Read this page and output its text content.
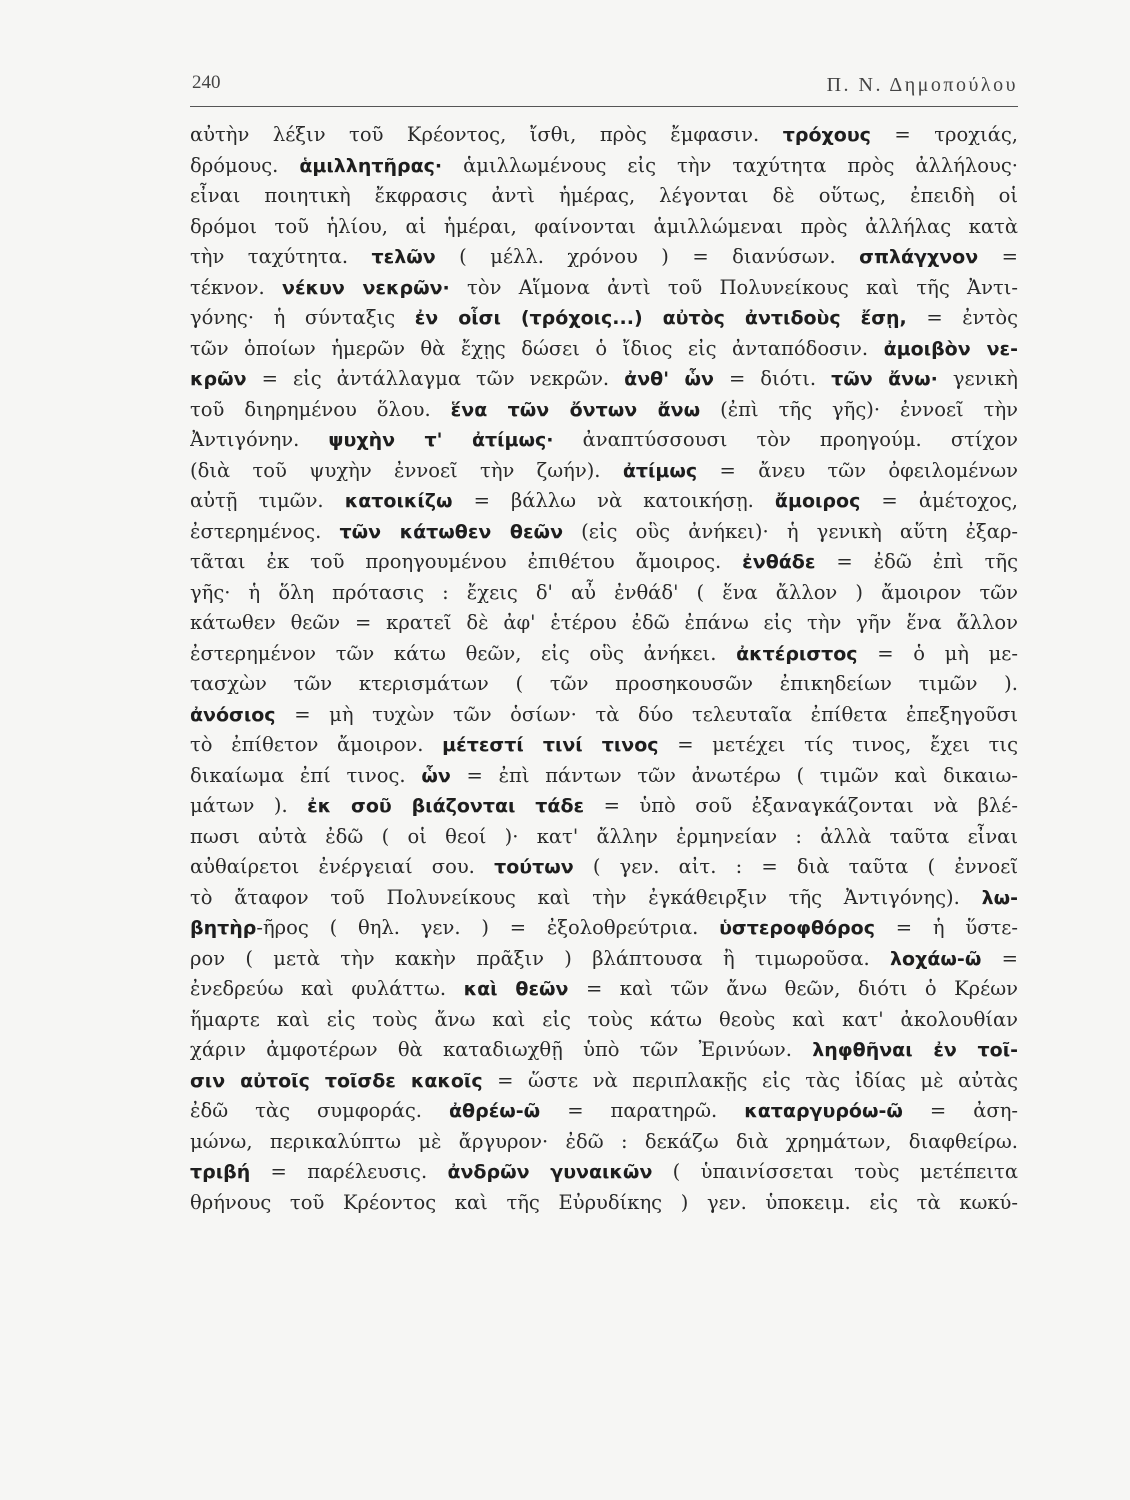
240	Π. Ν. Δημοπούλου
αὐτὴν λέξιν τοῦ Κρέοντος, ἴσθι, πρὸς ἔμφασιν. τρόχους = τροχιάς,
δρόμους. ἁμιλλητῆρας· ἁμιλλωμένους εἰς τὴν ταχύτητα πρὸς ἀλλήλους·
εἶναι ποιητικὴ ἔκφρασις ἀντὶ ἡμέρας, λέγονται δὲ οὕτως, ἐπειδὴ οἱ
δρόμοι τοῦ ἡλίου, αἱ ἡμέραι, φαίνονται ἁμιλλώμεναι πρὸς ἀλλήλας κατὰ
τὴν ταχύτητα. τελῶν ( μέλλ. χρόνου ) = διανύσων. σπλάγχνον =
τέκνον. νέκυν νεκρῶν· τὸν Αἵμονα ἀντὶ τοῦ Πολυνείκους καὶ τῆς Ἀντι-
γόνης· ἡ σύνταξις ἐν οἷσι (τρόχοις...) αὐτὸς ἀντιδοὺς ἔσῃ, = ἐντὸς
τῶν ὁποίων ἡμερῶν θὰ ἔχῃς δώσει ὁ ἴδιος εἰς ἀνταπόδοσιν. ἀμοιβὸν νε-
κρῶν = εἰς ἀντάλλαγμα τῶν νεκρῶν. ἀνθ' ὧν = διότι. τῶν ἄνω· γενικὴ
τοῦ διηρημένου ὅλου. ἕνα τῶν ὄντων ἄνω (ἐπὶ τῆς γῆς)· ἐννοεῖ τὴν
Ἀντιγόνην. ψυχὴν τ' ἀτίμως· ἀναπτύσσουσι τὸν προηγούμ. στίχον
(διὰ τοῦ ψυχὴν ἐννοεῖ τὴν ζωήν). ἀτίμως = ἄνευ τῶν ὀφειλομένων
αὐτῇ τιμῶν. κατοικίζω = βάλλω νὰ κατοικήσῃ. ἄμοιρος = ἀμέτοχος,
ἐστερημένος. τῶν κάτωθεν θεῶν (εἰς οὓς ἀνήκει)· ἡ γενικὴ αὕτη ἐξαρ-
τᾶται ἐκ τοῦ προηγουμένου ἐπιθέτου ἄμοιρος. ἐνθάδε = ἐδῶ ἐπὶ τῆς
γῆς· ἡ ὅλη πρότασις : ἔχεις δ' αὖ ἐνθάδ' ( ἕνα ἄλλον ) ἄμοιρον τῶν
κάτωθεν θεῶν = κρατεῖ δὲ ἀφ' ἑτέρου ἐδῶ ἐπάνω εἰς τὴν γῆν ἕνα ἄλλον
ἐστερημένον τῶν κάτω θεῶν, εἰς οὓς ἀνήκει. ἀκτέριστος = ὁ μὴ με-
τασχὼν τῶν κτερισμάτων ( τῶν προσηκουσῶν ἐπικηδείων τιμῶν ).
ἀνόσιος = μὴ τυχὼν τῶν ὁσίων· τὰ δύο τελευταῖα ἐπίθετα ἐπεξηγοῦσι
τὸ ἐπίθετον ἄμοιρον. μέτεστί τινί τινος = μετέχει τίς τινος, ἔχει τις
δικαίωμα ἐπί τινος. ὧν = ἐπὶ πάντων τῶν ἀνωτέρω ( τιμῶν καὶ δικαιω-
μάτων ). ἐκ σοῦ βιάζονται τάδε = ὑπὸ σοῦ ἐξαναγκάζονται νὰ βλέ-
πωσι αὐτὰ ἐδῶ ( οἱ θεοί )· κατ' ἄλλην ἑρμηνείαν : ἀλλὰ ταῦτα εἶναι
αὐθαίρετοι ἐνέργειαί σου. τούτων ( γεν. αἰτ. : = διὰ ταῦτα ( ἐννοεῖ
τὸ ἄταφον τοῦ Πολυνείκους καὶ τὴν ἐγκάθειρξιν τῆς Ἀντιγόνης). λω-
βητὴρ-ῆρος ( θηλ. γεν. ) = ἐξολοθρεύτρια. ὑστεροφθόρος = ἡ ὕστε-
ρον ( μετὰ τὴν κακὴν πρᾶξιν ) βλάπτουσα ἢ τιμωροῦσα. λοχάω-ῶ =
ἐνεδρεύω καὶ φυλάττω. καὶ θεῶν = καὶ τῶν ἄνω θεῶν, διότι ὁ Κρέων
ἥμαρτε καὶ εἰς τοὺς ἄνω καὶ εἰς τοὺς κάτω θεοὺς καὶ κατ' ἀκολουθίαν
χάριν ἀμφοτέρων θὰ καταδιωχθῇ ὑπὸ τῶν Ἐρινύων. ληφθῆναι ἐν τοῖ-
σιν αὐτοῖς τοῖσδε κακοῖς = ὥστε νὰ περιπλακῇς εἰς τὰς ἰδίας μὲ αὐτὰς
ἐδῶ τὰς συμφοράς. ἀθρέω-ῶ = παρατηρῶ. καταργυρόω-ῶ = ἀση-
μώνω, περικαλύπτω μὲ ἄργυρον· ἐδῶ : δεκάζω διὰ χρημάτων, διαφθείρω.
τριβή = παρέλευσις. ἀνδρῶν γυναικῶν ( ὑπαινίσσεται τοὺς μετέπειτα
θρήνους τοῦ Κρέοντος καὶ τῆς Εὐρυδίκης ) γεν. ὑποκειμ. εἰς τὰ κωκύ-
